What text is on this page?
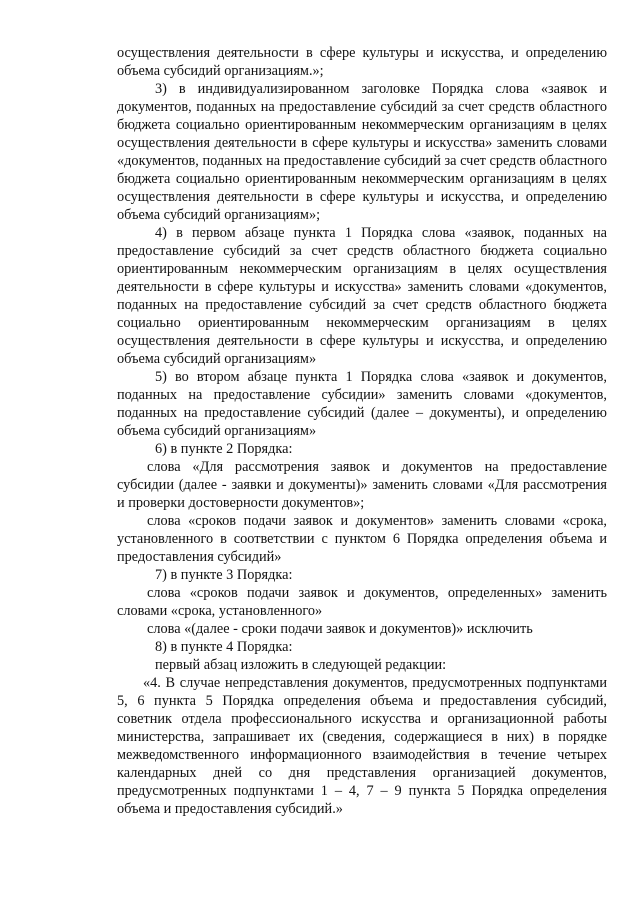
осуществления деятельности в сфере культуры и искусства, и определению объема субсидий организациям.»;

3) в индивидуализированном заголовке Порядка слова «заявок и документов, поданных на предоставление субсидий за счет средств областного бюджета социально ориентированным некоммерческим организациям в целях осуществления деятельности в сфере культуры и искусства» заменить словами «документов, поданных на предоставление субсидий за счет средств областного бюджета социально ориентированным некоммерческим организациям в целях осуществления деятельности в сфере культуры и искусства, и определению объема субсидий организациям»;

4) в первом абзаце пункта 1 Порядка слова «заявок, поданных на предоставление субсидий за счет средств областного бюджета социально ориентированным некоммерческим организациям в целях осуществления деятельности в сфере культуры и искусства» заменить словами «документов, поданных на предоставление субсидий за счет средств областного бюджета социально ориентированным некоммерческим организациям в целях осуществления деятельности в сфере культуры и искусства, и определению объема субсидий организациям»

5) во втором абзаце пункта 1 Порядка слова «заявок и документов, поданных на предоставление субсидии» заменить словами «документов, поданных на предоставление субсидий (далее – документы), и определению объема субсидий организациям»

6) в пункте 2 Порядка:

слова «Для рассмотрения заявок и документов на предоставление субсидии (далее - заявки и документы)» заменить словами «Для рассмотрения и проверки достоверности документов»;

слова «сроков подачи заявок и документов» заменить словами «срока, установленного в соответствии с пунктом 6 Порядка определения объема и предоставления субсидий»

7) в пункте 3 Порядка:

слова «сроков подачи заявок и документов, определенных» заменить словами «срока, установленного»

слова «(далее - сроки подачи заявок и документов)» исключить

8) в пункте 4 Порядка:

первый абзац изложить в следующей редакции:

«4. В случае непредставления документов, предусмотренных подпунктами 5, 6 пункта 5 Порядка определения объема и предоставления субсидий, советник отдела профессионального искусства и организационной работы министерства, запрашивает их (сведения, содержащиеся в них) в порядке межведомственного информационного взаимодействия в течение четырех календарных дней со дня представления организацией документов, предусмотренных подпунктами 1 – 4, 7 – 9 пункта 5 Порядка определения объема и предоставления субсидий.»
